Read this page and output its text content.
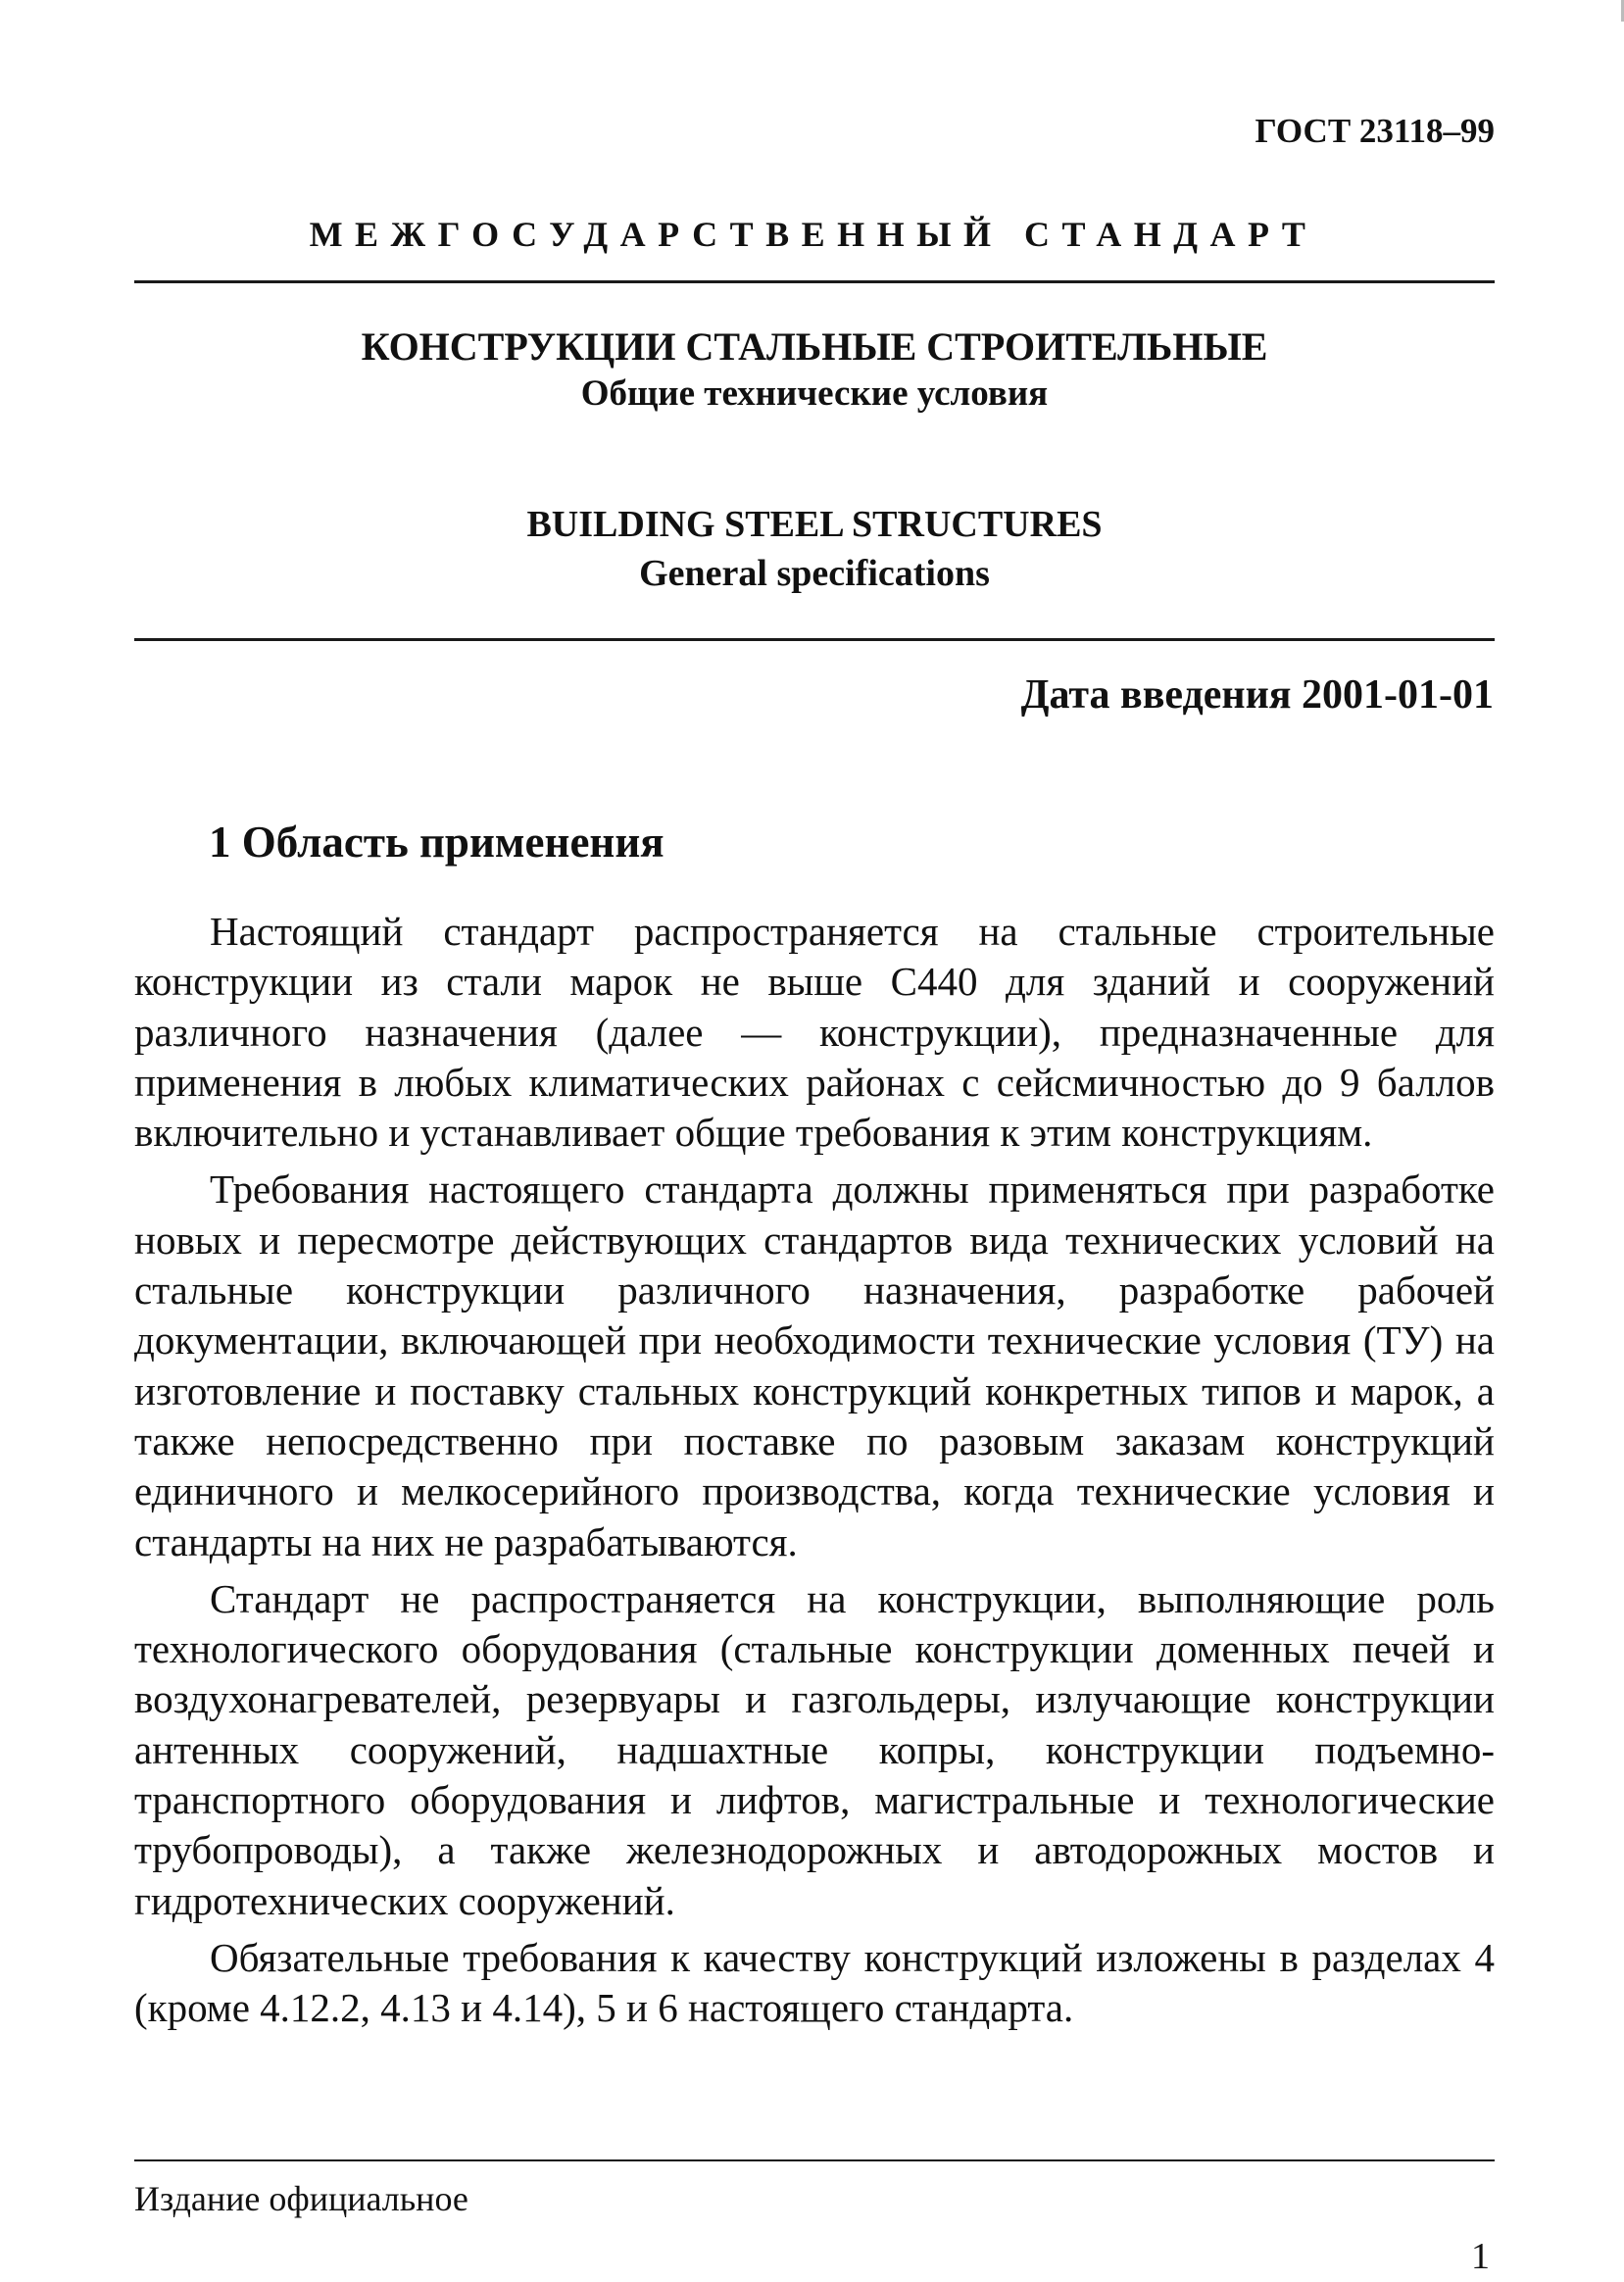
ГОСТ 23118–99
МЕЖГОСУДАРСТВЕННЫЙ СТАНДАРТ
КОНСТРУКЦИИ СТАЛЬНЫЕ СТРОИТЕЛЬНЫЕ
Общие технические условия
BUILDING STEEL STRUCTURES
General specifications
Дата введения 2001-01-01
1 Область применения

Настоящий стандарт распространяется на стальные строительные конструкции из стали марок не выше С440 для зданий и сооружений различного назначения (далее — конструкции), предназначенные для применения в любых климатических районах с сейсмичностью до 9 баллов включительно и устанавливает общие требования к этим конструкциям.

Требования настоящего стандарта должны применяться при разработке новых и пересмотре действующих стандартов вида технических условий на стальные конструкции различного назначения, разработке рабочей документации, включающей при необходимости технические условия (ТУ) на изготовление и поставку стальных конструкций конкретных типов и марок, а также непосредственно при поставке по разовым заказам конструкций единичного и мелкосерийного производства, когда технические условия и стандарты на них не разрабатываются.

Стандарт не распространяется на конструкции, выполняющие роль технологического оборудования (стальные конструкции доменных печей и воздухонагревателей, резервуары и газгольдеры, излучающие конструкции антенных сооружений, надшахтные копры, конструкции подъемно-транспортного оборудования и лифтов, магистральные и технологические трубопроводы), а также железнодорожных и автодорожных мостов и гидротехнических сооружений.

Обязательные требования к качеству конструкций изложены в разделах 4 (кроме 4.12.2, 4.13 и 4.14), 5 и 6 настоящего стандарта.

Издание официальное
1
